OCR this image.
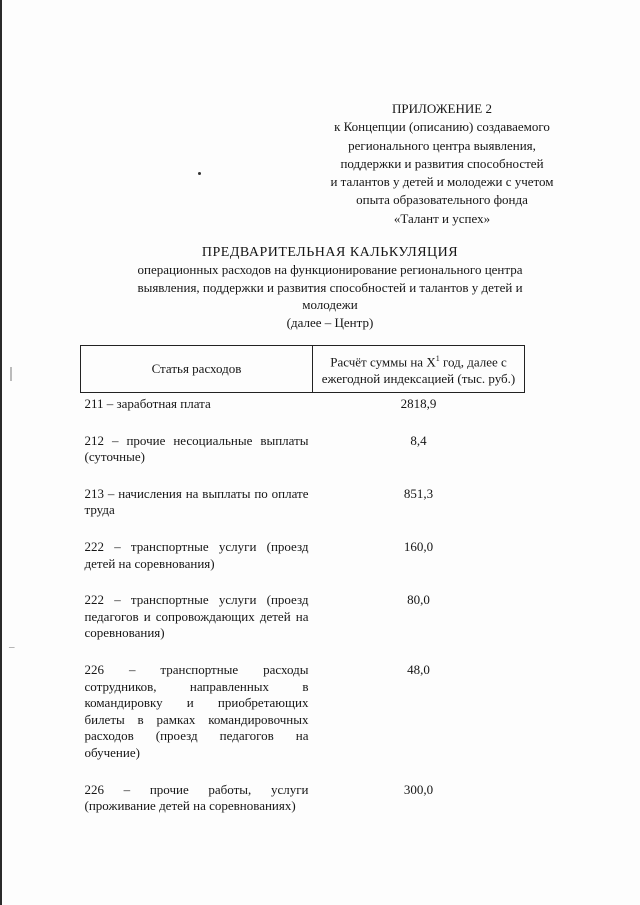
–
ПРИЛОЖЕНИЕ 2
к Концепции (описанию) создаваемого
регионального центра выявления,
поддержки и развития способностей
и талантов у детей и молодежи с учетом
опыта образовательного фонда
«Талант и успех»
ПРЕДВАРИТЕЛЬНАЯ КАЛЬКУЛЯЦИЯ
операционных расходов на функционирование регионального центра
выявления, поддержки и развития способностей и талантов у детей и
молодежи
(далее – Центр)
Статья расходов	Расчёт суммы на $X^1$ год, далее с ежегодной индексацией (тыс. руб.)
211 – заработная плата	2818,9

212 – прочие несоциальные выплаты (суточные)	8,4

213 – начисления на выплаты по оплате труда	851,3

222 – транспортные услуги (проезд детей на соревнования)	160,0

222 – транспортные услуги (проезд педагогов и сопровождающих детей на соревнования)	80,0

226 – транспортные расходы сотрудников, направленных в командировку и приобретающих билеты в рамках командировочных расходов (проезд педагогов на обучение)	48,0

226 – прочие работы, услуги (проживание детей на соревнованиях)	300,0
